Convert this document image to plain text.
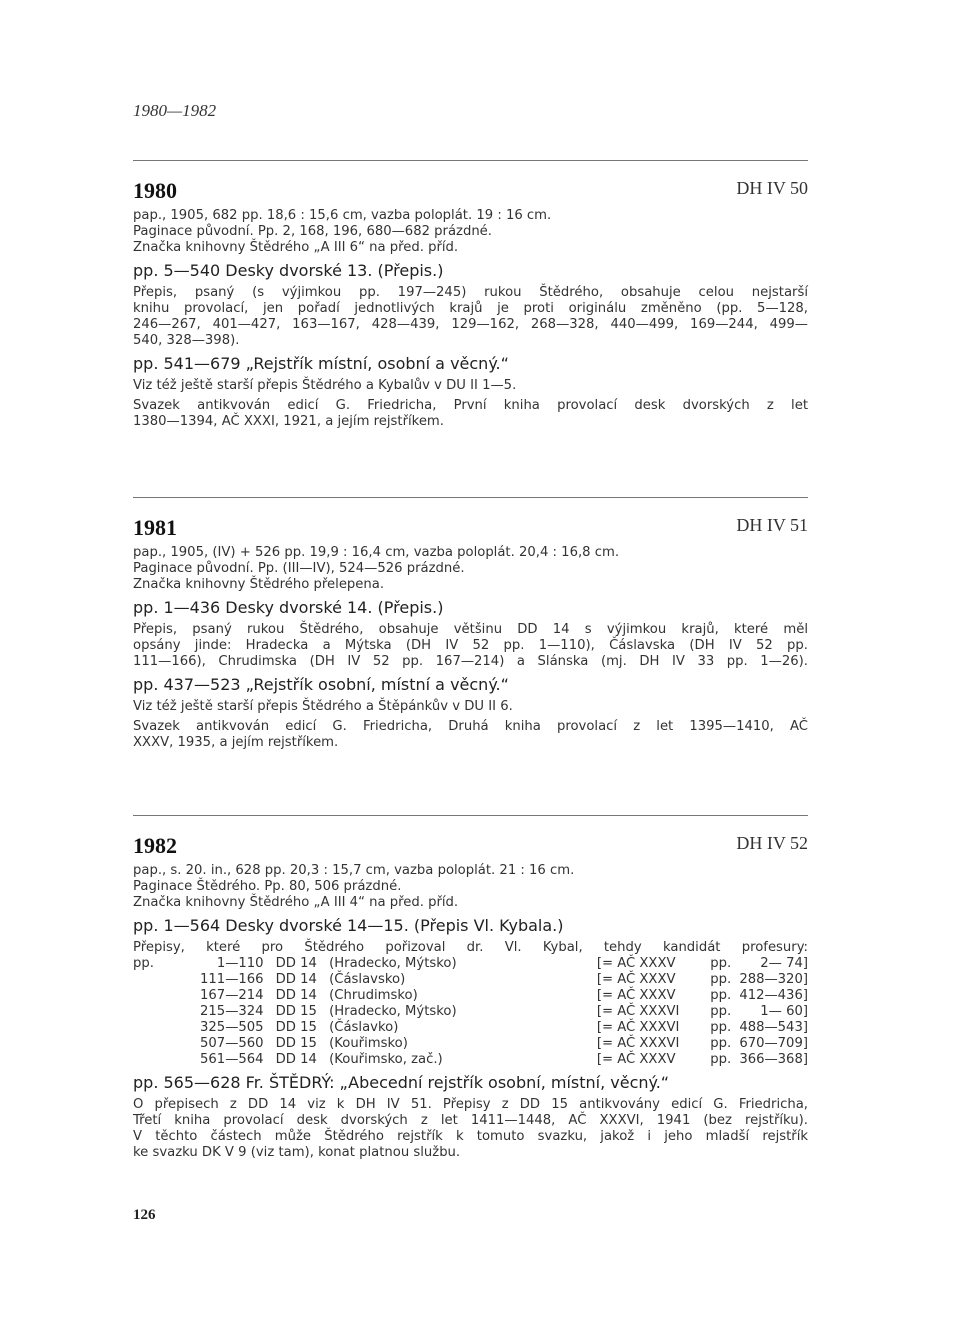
1980—1982
1980	DH IV 50
pap., 1905, 682 pp. 18,6 : 15,6 cm, vazba poloplát. 19 : 16 cm.
Paginace původní. Pp. 2, 168, 196, 680—682 prázdné.
Značka knihovny Štědrého „A III 6“ na před. příd.
pp. 5—540 Desky dvorské 13. (Přepis.)
Přepis, psaný (s výjimkou pp. 197—245) rukou Štědrého, obsahuje celou nejstarší
knihu provolací, jen pořadí jednotlivých krajů je proti originálu změněno (pp. 5—128,
246—267, 401—427, 163—167, 428—439, 129—162, 268—328, 440—499, 169—244, 499—
540, 328—398).
pp. 541—679 „Rejstřík místní, osobní a věcný.“
Viz též ještě starší přepis Štědrého a Kybalův v DU II 1—5.
Svazek antikvován edicí G. Friedricha, První kniha provolací desk dvorských z let
1380—1394, AČ XXXI, 1921, a jejím rejstříkem.
1981	DH IV 51
pap., 1905, (IV) + 526 pp. 19,9 : 16,4 cm, vazba poloplát. 20,4 : 16,8 cm.
Paginace původní. Pp. (III—IV), 524—526 prázdné.
Značka knihovny Štědrého přelepena.
pp. 1—436 Desky dvorské 14. (Přepis.)
Přepis, psaný rukou Štědrého, obsahuje většinu DD 14 s výjimkou krajů, které měl
opsány jinde: Hradecka a Mýtska (DH IV 52 pp. 1—110), Čáslavska (DH IV 52 pp.
111—166), Chrudimska (DH IV 52 pp. 167—214) a Slánska (mj. DH IV 33 pp. 1—26).
pp. 437—523 „Rejstřík osobní, místní a věcný.“
Viz též ještě starší přepis Štědrého a Štěpánkův v DU II 6.
Svazek antikvován edicí G. Friedricha, Druhá kniha provolací z let 1395—1410, AČ
XXXV, 1935, a jejím rejstříkem.
1982	DH IV 52
pap., s. 20. in., 628 pp. 20,3 : 15,7 cm, vazba poloplát. 21 : 16 cm.
Paginace Štědrého. Pp. 80, 506 prázdné.
Značka knihovny Štědrého „A III 4“ na před. příd.
pp. 1—564 Desky dvorské 14—15. (Přepis Vl. Kybala.)
Přepisy, které pro Štědrého pořizoval dr. Vl. Kybal, tehdy kandidát profesury:
pp.	1—110	DD 14	(Hradecko, Mýtsko)	[= AČ XXXV	pp.	2— 74]
	111—166	DD 14	(Čáslavsko)	[= AČ XXXV	pp.	288—320]
	167—214	DD 14	(Chrudimsko)	[= AČ XXXV	pp.	412—436]
	215—324	DD 15	(Hradecko, Mýtsko)	[= AČ XXXVI	pp.	1— 60]
	325—505	DD 15	(Čáslavko)	[= AČ XXXVI	pp.	488—543]
	507—560	DD 15	(Kouřimsko)	[= AČ XXXVI	pp.	670—709]
	561—564	DD 14	(Kouřimsko, zač.)	[= AČ XXXV	pp.	366—368]
pp. 565—628 Fr. ŠTĚDRÝ: „Abecední rejstřík osobní, místní, věcný.“
O přepisech z DD 14 viz k DH IV 51. Přepisy z DD 15 antikvovány edicí G. Friedricha,
Třetí kniha provolací desk dvorských z let 1411—1448, AČ XXXVI, 1941 (bez rejstříku).
V těchto částech může Štědrého rejstřík k tomuto svazku, jakož i jeho mladší rejstřík
ke svazku DK V 9 (viz tam), konat platnou službu.
126
